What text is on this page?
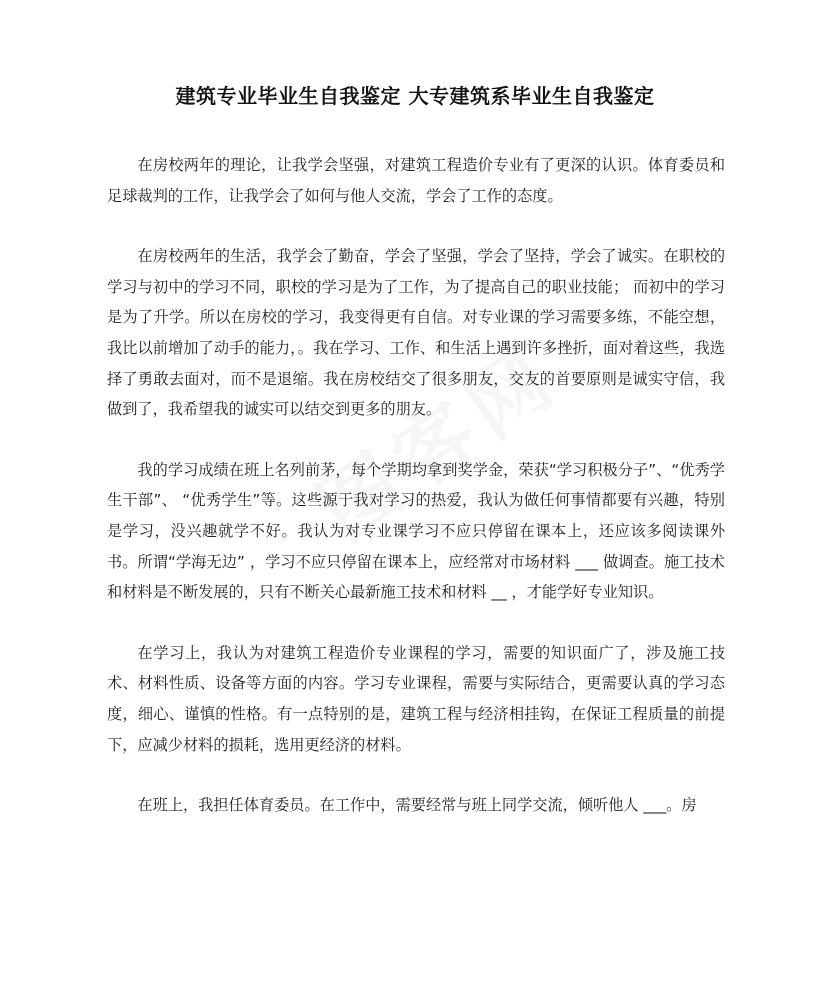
建筑专业毕业生自我鉴定 大专建筑系毕业生自我鉴定

在房校两年的理论，让我学会坚强，对建筑工程造价专业有了更深的认识。体育委员和足球裁判的工作，让我学会了如何与他人交流，学会了工作的态度。

在房校两年的生活，我学会了勤奋，学会了坚强，学会了坚持，学会了诚实。在职校的学习与初中的学习不同，职校的学习是为了工作，为了提高自己的职业技能； 而初中的学习是为了升学。所以在房校的学习，我变得更有自信。对专业课的学习需要多练，不能空想，我比以前增加了动手的能力，。我在学习、工作、和生活上遇到许多挫折，面对着这些，我选择了勇敢去面对，而不是退缩。我在房校结交了很多朋友，交友的首要原则是诚实守信，我做到了，我希望我的诚实可以结交到更多的朋友。

我的学习成绩在班上名列前茅，每个学期均拿到奖学金，荣获“学习积极分子”、“优秀学生干部”、 “优秀学生”等。这些源于我对学习的热爱，我认为做任何事情都要有兴趣，特别是学习，没兴趣就学不好。我认为对专业课学习不应只停留在课本上，还应该多阅读课外书。所谓“学海无边” ，学习不应只停留在课本上，应经常对市场材料 ___ 做调查。施工技术和材料是不断发展的，只有不断关心最新施工技术和材料 __ ，才能学好专业知识。

在学习上，我认为对建筑工程造价专业课程的学习，需要的知识面广了，涉及施工技术、材料性质、设备等方面的内容。学习专业课程，需要与实际结合，更需要认真的学习态度，细心、谨慎的性格。有一点特别的是，建筑工程与经济相挂钩，在保证工程质量的前提下，应减少材料的损耗，选用更经济的材料。

在班上，我担任体育委员。在工作中，需要经常与班上同学交流，倾听他人 ___。房
